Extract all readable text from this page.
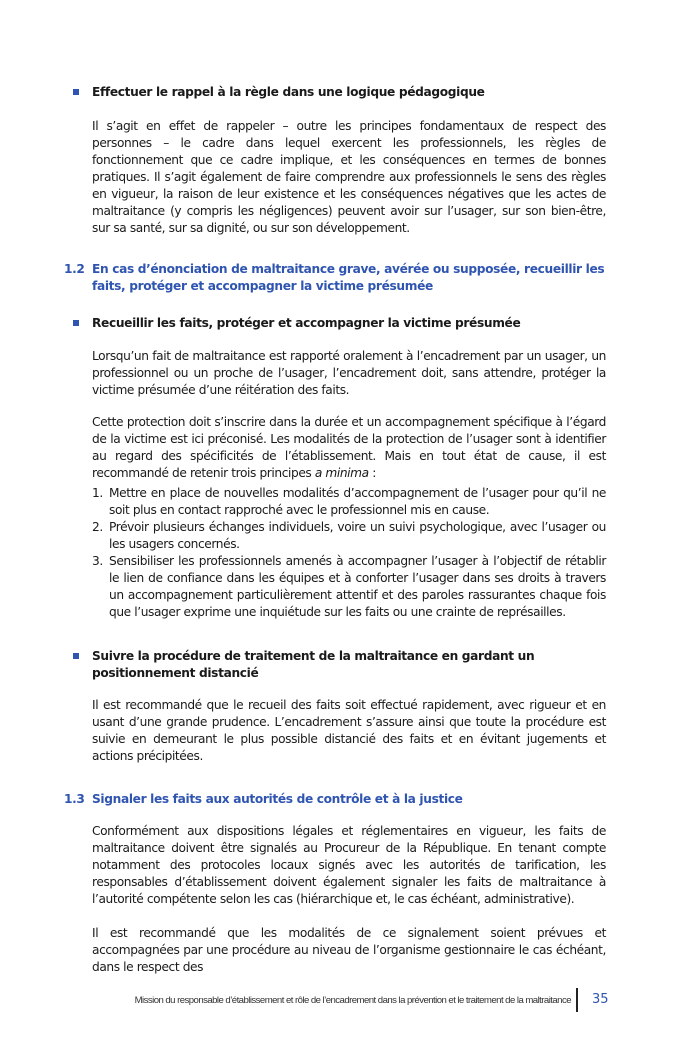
Effectuer le rappel à la règle dans une logique pédagogique

Il s’agit en effet de rappeler – outre les principes fondamentaux de respect des personnes – le cadre dans lequel exercent les professionnels, les règles de fonctionnement que ce cadre implique, et les conséquences en termes de bonnes pratiques. Il s’agit également de faire comprendre aux professionnels le sens des règles en vigueur, la raison de leur existence et les conséquences négatives que les actes de maltraitance (y compris les négligences) peuvent avoir sur l’usager, sur son bien-être, sur sa santé, sur sa dignité, ou sur son développement.

1.2 En cas d’énonciation de maltraitance grave, avérée ou supposée, recueillir les faits, protéger et accompagner la victime présumée
Recueillir les faits, protéger et accompagner la victime présumée

Lorsqu’un fait de maltraitance est rapporté oralement à l’encadrement par un usager, un professionnel ou un proche de l’usager, l’encadrement doit, sans attendre, protéger la victime présumée d’une réitération des faits.

Cette protection doit s’inscrire dans la durée et un accompagnement spécifique à l’égard de la victime est ici préconisé. Les modalités de la protection de l’usager sont à identifier au regard des spécificités de l’établissement. Mais en tout état de cause, il est recommandé de retenir trois principes a minima :

1. Mettre en place de nouvelles modalités d’accompagnement de l’usager pour qu’il ne soit plus en contact rapproché avec le professionnel mis en cause.
2. Prévoir plusieurs échanges individuels, voire un suivi psychologique, avec l’usager ou les usagers concernés.
3. Sensibiliser les professionnels amenés à accompagner l’usager à l’objectif de rétablir le lien de confiance dans les équipes et à conforter l’usager dans ses droits à travers un accompagnement particulièrement attentif et des paroles rassurantes chaque fois que l’usager exprime une inquiétude sur les faits ou une crainte de représailles.
Suivre la procédure de traitement de la maltraitance en gardant un positionnement distancié

Il est recommandé que le recueil des faits soit effectué rapidement, avec rigueur et en usant d’une grande prudence. L’encadrement s’assure ainsi que toute la procédure est suivie en demeurant le plus possible distancié des faits et en évitant jugements et actions précipitées.

1.3 Signaler les faits aux autorités de contrôle et à la justice

Conformément aux dispositions légales et réglementaires en vigueur, les faits de maltraitance doivent être signalés au Procureur de la République. En tenant compte notamment des protocoles locaux signés avec les autorités de tarification, les responsables d’établissement doivent également signaler les faits de maltraitance à l’autorité compétente selon les cas (hiérarchique et, le cas échéant, administrative).

Il est recommandé que les modalités de ce signalement soient prévues et accompagnées par une procédure au niveau de l’organisme gestionnaire le cas échéant, dans le respect des

Mission du responsable d’établissement et rôle de l’encadrement dans la prévention et le traitement de la maltraitance 35
